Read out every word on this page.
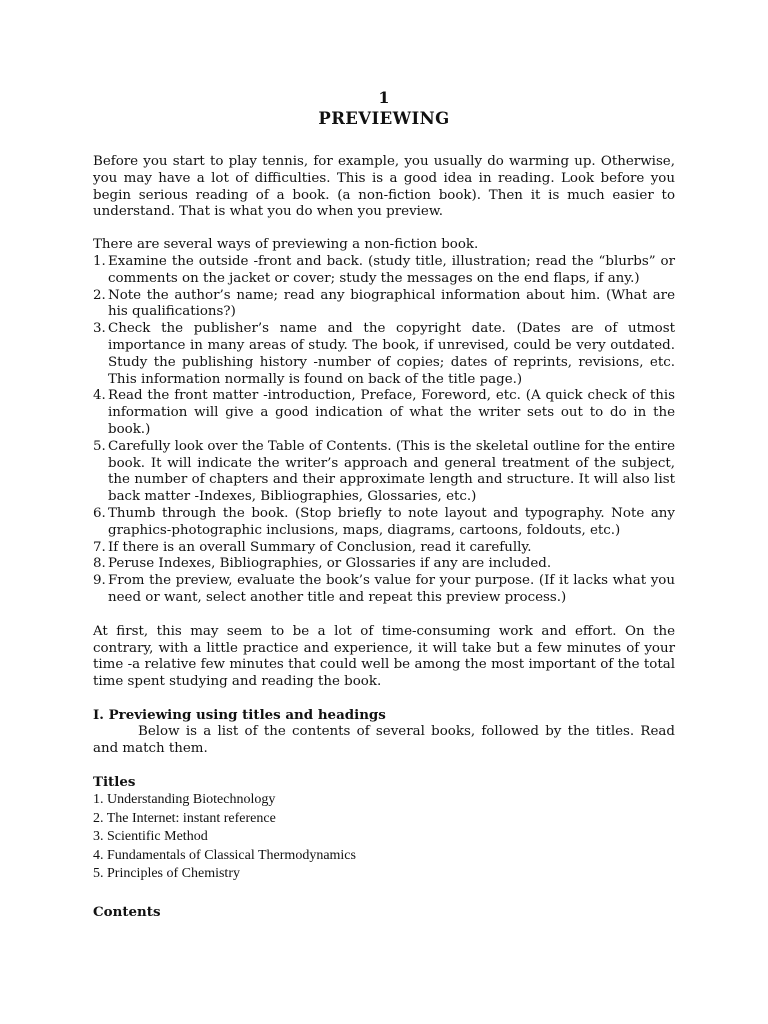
1
PREVIEWING

Before you start to play tennis, for example, you usually do warming up. Otherwise, you may have a lot of difficulties. This is a good idea in reading. Look before you begin serious reading of a book. (a non-fiction book). Then it is much easier to understand. That is what you do when you preview.

There are several ways of previewing a non-fiction book.

1. Examine the outside -front and back. (study title, illustration; read the “blurbs” or comments on the jacket or cover; study the messages on the end flaps, if any.)
2. Note the author’s name; read any biographical information about him. (What are his qualifications?)
3. Check the publisher’s name and the copyright date. (Dates are of utmost importance in many areas of study. The book, if unrevised, could be very outdated. Study the publishing history -number of copies; dates of reprints, revisions, etc. This information normally is found on back of the title page.)
4. Read the front matter -introduction, Preface, Foreword, etc. (A quick check of this information will give a good indication of what the writer sets out to do in the book.)
5. Carefully look over the Table of Contents. (This is the skeletal outline for the entire book. It will indicate the writer’s approach and general treatment of the subject, the number of chapters and their approximate length and structure. It will also list back matter -Indexes, Bibliographies, Glossaries, etc.)
6. Thumb through the book. (Stop briefly to note layout and typography. Note any graphics-photographic inclusions, maps, diagrams, cartoons, foldouts, etc.)
7. If there is an overall Summary of Conclusion, read it carefully.
8. Peruse Indexes, Bibliographies, or Glossaries if any are included.
9. From the preview, evaluate the book’s value for your purpose. (If it lacks what you need or want, select another title and repeat this preview process.)

At first, this may seem to be a lot of time-consuming work and effort. On the contrary, with a little practice and experience, it will take but a few minutes of your time -a relative few minutes that could well be among the most important of the total time spent studying and reading the book.

I. Previewing using titles and headings

Below is a list of the contents of several books, followed by the titles. Read and match them.

Titles
1. Understanding Biotechnology
2. The Internet: instant reference
3. Scientific Method
4. Fundamentals of Classical Thermodynamics
5. Principles of Chemistry
Contents
